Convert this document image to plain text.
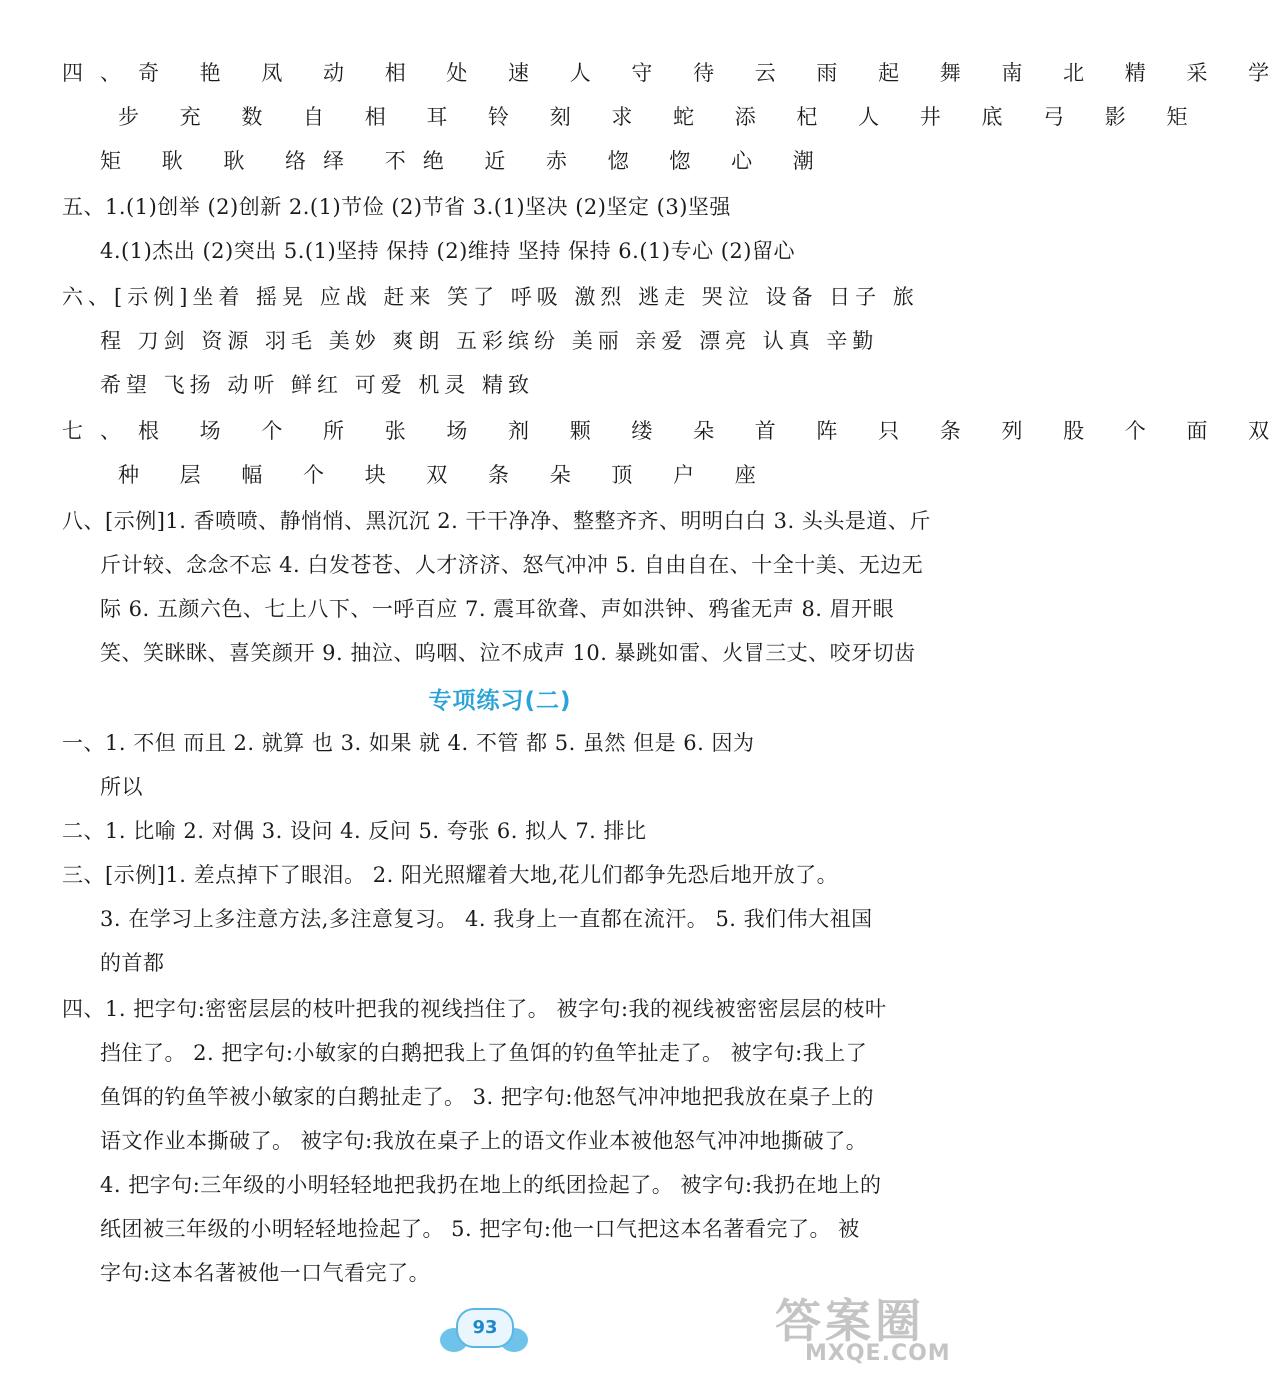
四、奇 艳 凤 动 相 处 速 人 守 待 云 雨 起 舞 南 北 精 采 学
步 充 数 自 相 耳 铃 刻 求 蛇 添 杞 人 井 底 弓 影 矩
矩 耿 耿 络绎 不绝 近 赤 惚 惚 心 潮
五、1.(1)创举 (2)创新 2.(1)节俭 (2)节省 3.(1)坚决 (2)坚定 (3)坚强
4.(1)杰出 (2)突出 5.(1)坚持 保持 (2)维持 坚持 保持 6.(1)专心 (2)留心
六、[示例]坐着 摇晃 应战 赶来 笑了 呼吸 激烈 逃走 哭泣 设备 日子 旅
程 刀剑 资源 羽毛 美妙 爽朗 五彩缤纷 美丽 亲爱 漂亮 认真 辛勤
希望 飞扬 动听 鲜红 可爱 机灵 精致
七、根 场 个 所 张 场 剂 颗 缕 朵 首 阵 只 条 列 股 个 面 双
种 层 幅 个 块 双 条 朵 顶 户 座
八、[示例]1. 香喷喷、静悄悄、黑沉沉 2. 干干净净、整整齐齐、明明白白 3. 头头是道、斤
斤计较、念念不忘 4. 白发苍苍、人才济济、怒气冲冲 5. 自由自在、十全十美、无边无
际 6. 五颜六色、七上八下、一呼百应 7. 震耳欲聋、声如洪钟、鸦雀无声 8. 眉开眼
笑、笑眯眯、喜笑颜开 9. 抽泣、呜咽、泣不成声 10. 暴跳如雷、火冒三丈、咬牙切齿
专项练习(二)
一、1. 不但 而且 2. 就算 也 3. 如果 就 4. 不管 都 5. 虽然 但是 6. 因为
所以
二、1. 比喻 2. 对偶 3. 设问 4. 反问 5. 夸张 6. 拟人 7. 排比
三、[示例]1. 差点掉下了眼泪。 2. 阳光照耀着大地,花儿们都争先恐后地开放了。
3. 在学习上多注意方法,多注意复习。 4. 我身上一直都在流汗。 5. 我们伟大祖国
的首都
四、1. 把字句:密密层层的枝叶把我的视线挡住了。 被字句:我的视线被密密层层的枝叶
挡住了。 2. 把字句:小敏家的白鹅把我上了鱼饵的钓鱼竿扯走了。 被字句:我上了
鱼饵的钓鱼竿被小敏家的白鹅扯走了。 3. 把字句:他怒气冲冲地把我放在桌子上的
语文作业本撕破了。 被字句:我放在桌子上的语文作业本被他怒气冲冲地撕破了。
4. 把字句:三年级的小明轻轻地把我扔在地上的纸团捡起了。 被字句:我扔在地上的
纸团被三年级的小明轻轻地捡起了。 5. 把字句:他一口气把这本名著看完了。 被
字句:这本名著被他一口气看完了。
93	答案圈
MXQE.COM
